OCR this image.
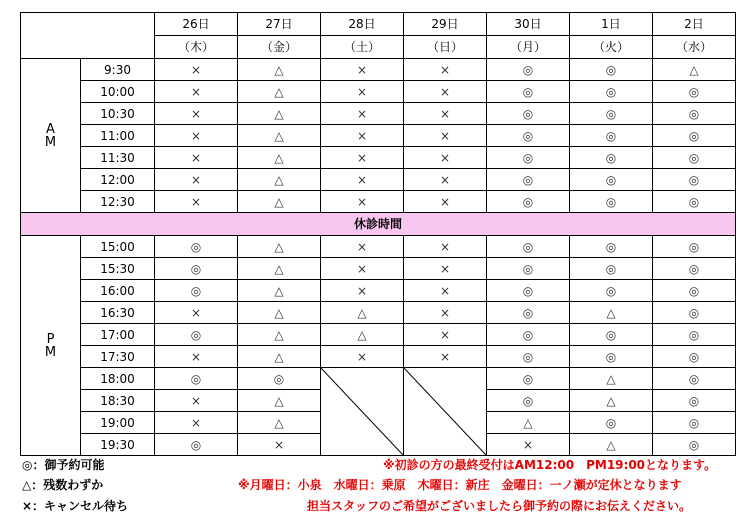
		26日	27日	28日	29日	30日	1日	2日
		（木）	（金）	（土）	（日）	（月）	（火）	（水）
A
M	9:30	×	△	×	×	◎	◎	△
	10:00	×	△	×	×	◎	◎	◎
	10:30	×	△	×	×	◎	◎	◎
	11:00	×	△	×	×	◎	◎	◎
	11:30	×	△	×	×	◎	◎	◎
	12:00	×	△	×	×	◎	◎	◎
	12:30	×	△	×	×	◎	◎	◎
休診時間								
P
M	15:00	◎	△	×	×	◎	◎	◎
	15:30	◎	△	×	×	◎	◎	◎
	16:00	◎	△	×	×	◎	◎	◎
	16:30	×	△	△	×	◎	△	◎
	17:00	◎	△	△	×	◎	◎	◎
	17:30	×	△	×	×	◎	◎	◎
	18:00	◎	◎			◎	△	◎
	18:30	×	△			◎	△	◎
	19:00	×	△			△	◎	◎
	19:30	◎	×			×	△	◎
◎：御予約可能
△：残数わずか
×：キャンセル待ち
※初診の方の最終受付はAM12:00　PM19:00となります。
※月曜日：小泉　水曜日：乗原　木曜日：新庄　金曜日：一ノ瀬が定休となります
担当スタッフのご希望がございましたら御予約の際にお伝えください。
